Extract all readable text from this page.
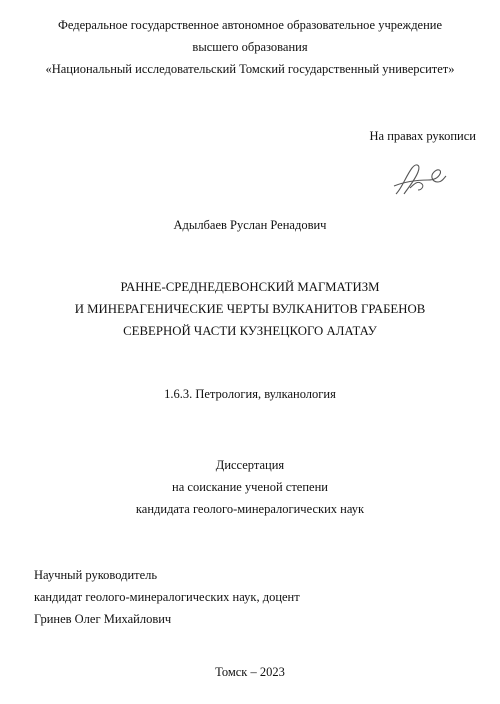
Федеральное государственное автономное образовательное учреждение
высшего образования
«Национальный исследовательский Томский государственный университет»
На правах рукописи
Адылбаев Руслан Ренадович
РАННЕ-СРЕДНЕДЕВОНСКИЙ МАГМАТИЗМ
И МИНЕРАГЕНИЧЕСКИЕ ЧЕРТЫ ВУЛКАНИТОВ ГРАБЕНОВ
СЕВЕРНОЙ ЧАСТИ КУЗНЕЦКОГО АЛАТАУ
1.6.3. Петрология, вулканология
Диссертация
на соискание ученой степени
кандидата геолого-минералогических наук
Научный руководитель
кандидат геолого-минералогических наук, доцент
Гринев Олег Михайлович
Томск – 2023
